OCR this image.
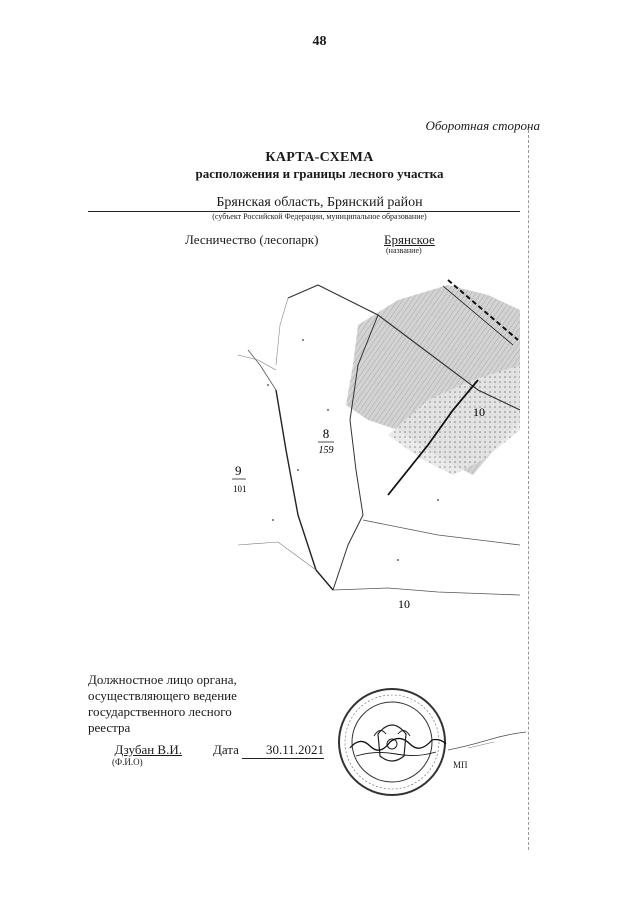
48
Оборотная сторона
КАРТА-СХЕМА
расположения и границы лесного участка
Брянская область, Брянский район
(субъект Российской Федерации, муниципальное образование)
Лесничество (лесопарк)	Брянское
(название)
8
159
9
101
10
10
Должностное лицо органа, осуществляющего ведение государственного лесного реестра
Дзубан В.И.
(Ф.И.О)
Дата	30.11.2021
МП
